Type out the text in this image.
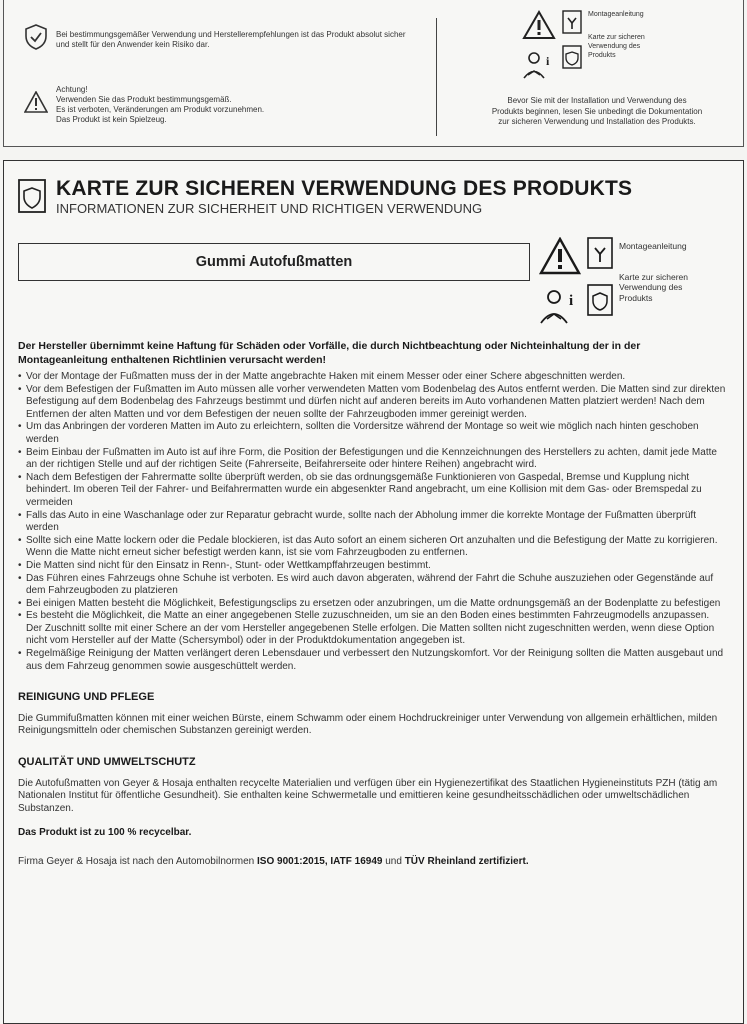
Bei bestimmungsgemäßer Verwendung und Herstellerempfehlungen ist das Produkt absolut sicher und stellt für den Anwender kein Risiko dar.
Achtung!
Verwenden Sie das Produkt bestimmungsgemäß.
Es ist verboten, Veränderungen am Produkt vorzunehmen.
Das Produkt ist kein Spielzeug.
i
Montageanleitung
Karte zur sicheren Verwendung des Produkts
Bevor Sie mit der Installation und Verwendung des
Produkts beginnen, lesen Sie unbedingt die Dokumentation
zur sicheren Verwendung und Installation des Produkts.
KARTE ZUR SICHEREN VERWENDUNG DES PRODUKTS
INFORMATIONEN ZUR SICHERHEIT UND RICHTIGEN VERWENDUNG
Gummi Autofußmatten
i
Montageanleitung
Karte zur sicheren Verwendung des Produkts

Der Hersteller übernimmt keine Haftung für Schäden oder Vorfälle, die durch Nichtbeachtung oder Nichteinhaltung der in der Montageanleitung enthaltenen Richtlinien verursacht werden!

• Vor der Montage der Fußmatten muss der in der Matte angebrachte Haken mit einem Messer oder einer Schere abgeschnitten werden.
• Vor dem Befestigen der Fußmatten im Auto müssen alle vorher verwendeten Matten vom Bodenbelag des Autos entfernt werden. Die Matten sind zur direkten Befestigung auf dem Bodenbelag des Fahrzeugs bestimmt und dürfen nicht auf anderen bereits im Auto vorhandenen Matten platziert werden! Nach dem Entfernen der alten Matten und vor dem Befestigen der neuen sollte der Fahrzeugboden immer gereinigt werden.
• Um das Anbringen der vorderen Matten im Auto zu erleichtern, sollten die Vordersitze während der Montage so weit wie möglich nach hinten geschoben werden
• Beim Einbau der Fußmatten im Auto ist auf ihre Form, die Position der Befestigungen und die Kennzeichnungen des Herstellers zu achten, damit jede Matte an der richtigen Stelle und auf der richtigen Seite (Fahrerseite, Beifahrerseite oder hintere Reihen) angebracht wird.
• Nach dem Befestigen der Fahrermatte sollte überprüft werden, ob sie das ordnungsgemäße Funktionieren von Gaspedal, Bremse und Kupplung nicht behindert. Im oberen Teil der Fahrer- und Beifahrermatten wurde ein abgesenkter Rand angebracht, um eine Kollision mit dem Gas- oder Bremspedal zu vermeiden
• Falls das Auto in eine Waschanlage oder zur Reparatur gebracht wurde, sollte nach der Abholung immer die korrekte Montage der Fußmatten überprüft werden
• Sollte sich eine Matte lockern oder die Pedale blockieren, ist das Auto sofort an einem sicheren Ort anzuhalten und die Befestigung der Matte zu korrigieren. Wenn die Matte nicht erneut sicher befestigt werden kann, ist sie vom Fahrzeugboden zu entfernen.
• Die Matten sind nicht für den Einsatz in Renn-, Stunt- oder Wettkampffahrzeugen bestimmt.
• Das Führen eines Fahrzeugs ohne Schuhe ist verboten. Es wird auch davon abgeraten, während der Fahrt die Schuhe auszuziehen oder Gegenstände auf dem Fahrzeugboden zu platzieren
• Bei einigen Matten besteht die Möglichkeit, Befestigungsclips zu ersetzen oder anzubringen, um die Matte ordnungsgemäß an der Bodenplatte zu befestigen
• Es besteht die Möglichkeit, die Matte an einer angegebenen Stelle zuzuschneiden, um sie an den Boden eines bestimmten Fahrzeugmodells anzupassen. Der Zuschnitt sollte mit einer Schere an der vom Hersteller angegebenen Stelle erfolgen. Die Matten sollten nicht zugeschnitten werden, wenn diese Option nicht vom Hersteller auf der Matte (Schersymbol) oder in der Produktdokumentation angegeben ist.
• Regelmäßige Reinigung der Matten verlängert deren Lebensdauer und verbessert den Nutzungskomfort. Vor der Reinigung sollten die Matten ausgebaut und aus dem Fahrzeug genommen sowie ausgeschüttelt werden.
REINIGUNG UND PFLEGE

Die Gummifußmatten können mit einer weichen Bürste, einem Schwamm oder einem Hochdruckreiniger unter Verwendung von allgemein erhältlichen, milden Reinigungsmitteln oder chemischen Substanzen gereinigt werden.

QUALITÄT UND UMWELTSCHUTZ

Die Autofußmatten von Geyer & Hosaja enthalten recycelte Materialien und verfügen über ein Hygienezertifikat des Staatlichen Hygieneinstituts PZH (tätig am Nationalen Institut für öffentliche Gesundheit). Sie enthalten keine Schwermetalle und emittieren keine gesundheitsschädlichen oder umweltschädlichen Substanzen.

Das Produkt ist zu 100 % recycelbar.

Firma Geyer & Hosaja ist nach den Automobilnormen ISO 9001:2015, IATF 16949 und TÜV Rheinland zertifiziert.
